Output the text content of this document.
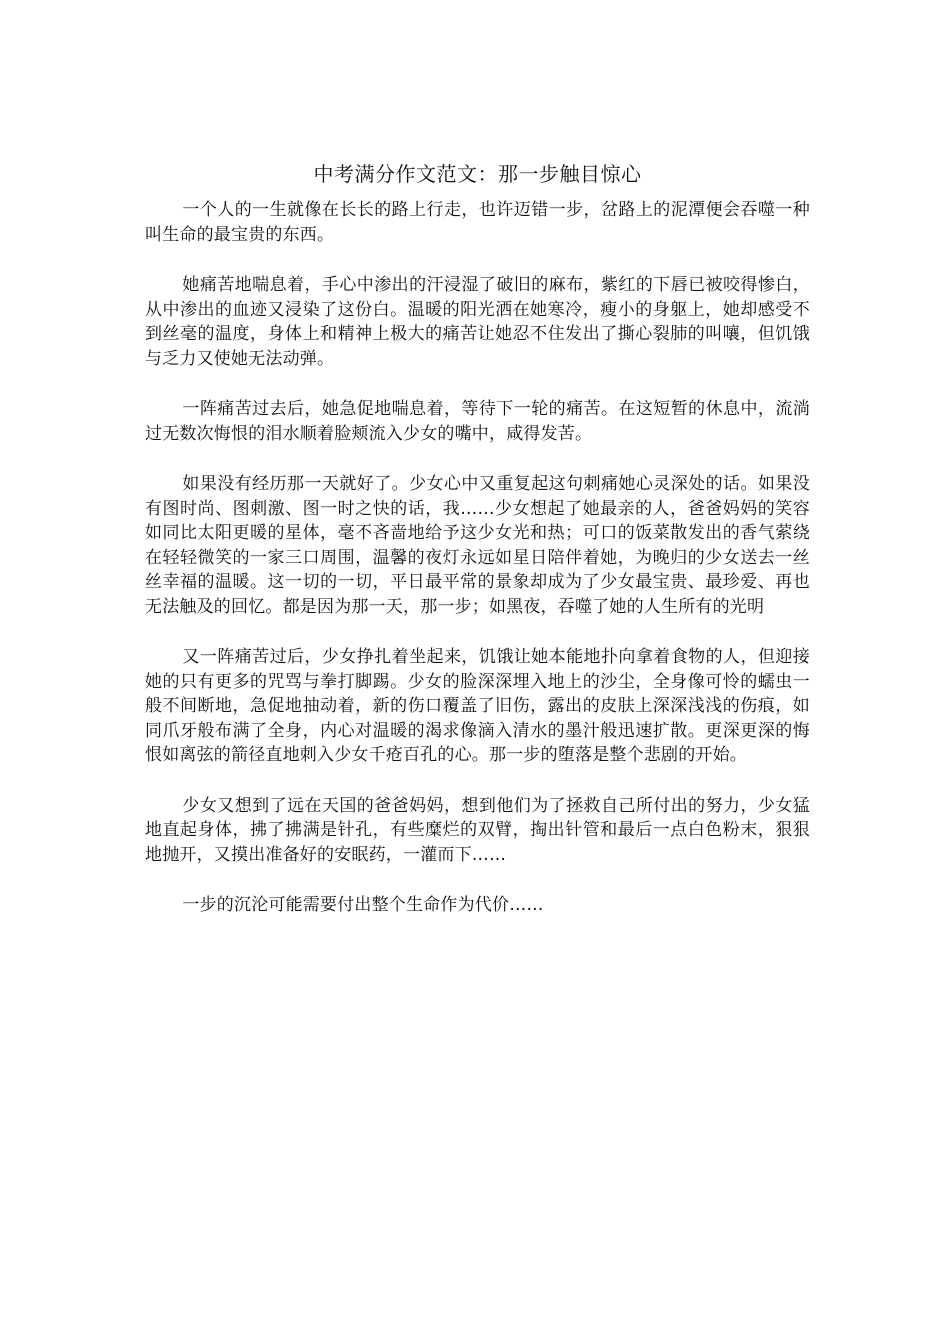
中考满分作文范文：那一步触目惊心

一个人的一生就像在长长的路上行走，也许迈错一步，岔路上的泥潭便会吞噬一种叫生命的最宝贵的东西。

她痛苦地喘息着，手心中渗出的汗浸湿了破旧的麻布，紫红的下唇已被咬得惨白，从中渗出的血迹又浸染了这份白。温暖的阳光洒在她寒冷，瘦小的身躯上，她却感受不到丝毫的温度，身体上和精神上极大的痛苦让她忍不住发出了撕心裂肺的叫嚷，但饥饿与乏力又使她无法动弹。

一阵痛苦过去后，她急促地喘息着，等待下一轮的痛苦。在这短暂的休息中，流淌过无数次悔恨的泪水顺着脸颊流入少女的嘴中，咸得发苦。

如果没有经历那一天就好了。少女心中又重复起这句刺痛她心灵深处的话。如果没有图时尚、图刺激、图一时之快的话，我……少女想起了她最亲的人，爸爸妈妈的笑容如同比太阳更暖的星体，毫不吝啬地给予这少女光和热；可口的饭菜散发出的香气萦绕在轻轻微笑的一家三口周围，温馨的夜灯永远如星日陪伴着她，为晚归的少女送去一丝丝幸福的温暖。这一切的一切，平日最平常的景象却成为了少女最宝贵、最珍爱、再也无法触及的回忆。都是因为那一天，那一步；如黑夜，吞噬了她的人生所有的光明

又一阵痛苦过后，少女挣扎着坐起来，饥饿让她本能地扑向拿着食物的人，但迎接她的只有更多的咒骂与拳打脚踢。少女的脸深深埋入地上的沙尘，全身像可怜的蠕虫一般不间断地，急促地抽动着，新的伤口覆盖了旧伤，露出的皮肤上深深浅浅的伤痕，如同爪牙般布满了全身，内心对温暖的渴求像滴入清水的墨汁般迅速扩散。更深更深的悔恨如离弦的箭径直地刺入少女千疮百孔的心。那一步的堕落是整个悲剧的开始。

少女又想到了远在天国的爸爸妈妈，想到他们为了拯救自己所付出的努力，少女猛地直起身体，拂了拂满是针孔，有些糜烂的双臂，掏出针管和最后一点白色粉末，狠狠地抛开，又摸出准备好的安眠药，一灌而下……

一步的沉沦可能需要付出整个生命作为代价……
